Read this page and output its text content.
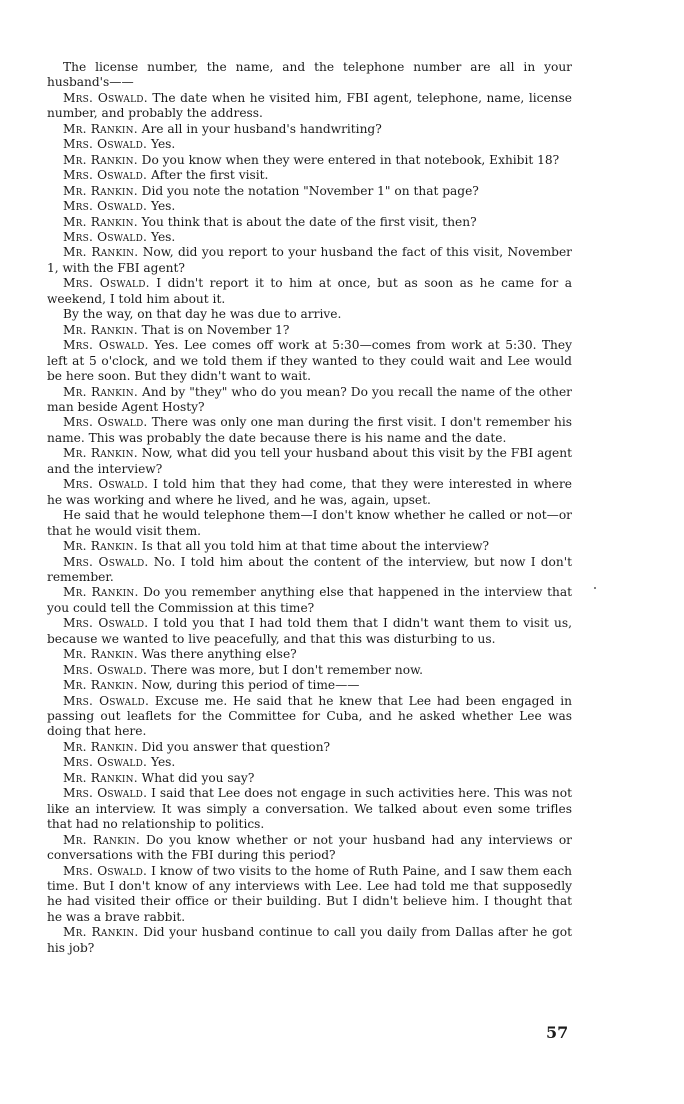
The license number, the name, and the telephone number are all in your husband's——

Mrs. Oswald. The date when he visited him, FBI agent, telephone, name, license number, and probably the address.

Mr. Rankin. Are all in your husband's handwriting?

Mrs. Oswald. Yes.

Mr. Rankin. Do you know when they were entered in that notebook, Exhibit 18?

Mrs. Oswald. After the first visit.

Mr. Rankin. Did you note the notation "November 1" on that page?

Mrs. Oswald. Yes.

Mr. Rankin. You think that is about the date of the first visit, then?

Mrs. Oswald. Yes.

Mr. Rankin. Now, did you report to your husband the fact of this visit, November 1, with the FBI agent?

Mrs. Oswald. I didn't report it to him at once, but as soon as he came for a weekend, I told him about it.

By the way, on that day he was due to arrive.

Mr. Rankin. That is on November 1?

Mrs. Oswald. Yes. Lee comes off work at 5:30—comes from work at 5:30. They left at 5 o'clock, and we told them if they wanted to they could wait and Lee would be here soon. But they didn't want to wait.

Mr. Rankin. And by "they" who do you mean? Do you recall the name of the other man beside Agent Hosty?

Mrs. Oswald. There was only one man during the first visit. I don't remember his name. This was probably the date because there is his name and the date.

Mr. Rankin. Now, what did you tell your husband about this visit by the FBI agent and the interview?

Mrs. Oswald. I told him that they had come, that they were interested in where he was working and where he lived, and he was, again, upset.

He said that he would telephone them—I don't know whether he called or not—or that he would visit them.

Mr. Rankin. Is that all you told him at that time about the interview?

Mrs. Oswald. No. I told him about the content of the interview, but now I don't remember.

Mr. Rankin. Do you remember anything else that happened in the interview that you could tell the Commission at this time?

Mrs. Oswald. I told you that I had told them that I didn't want them to visit us, because we wanted to live peacefully, and that this was disturbing to us.

Mr. Rankin. Was there anything else?

Mrs. Oswald. There was more, but I don't remember now.

Mr. Rankin. Now, during this period of time——

Mrs. Oswald. Excuse me. He said that he knew that Lee had been engaged in passing out leaflets for the Committee for Cuba, and he asked whether Lee was doing that here.

Mr. Rankin. Did you answer that question?

Mrs. Oswald. Yes.

Mr. Rankin. What did you say?

Mrs. Oswald. I said that Lee does not engage in such activities here. This was not like an interview. It was simply a conversation. We talked about even some trifles that had no relationship to politics.

Mr. Rankin. Do you know whether or not your husband had any interviews or conversations with the FBI during this period?

Mrs. Oswald. I know of two visits to the home of Ruth Paine, and I saw them each time. But I don't know of any interviews with Lee. Lee had told me that supposedly he had visited their office or their building. But I didn't believe him. I thought that he was a brave rabbit.

Mr. Rankin. Did your husband continue to call you daily from Dallas after he got his job?

57
